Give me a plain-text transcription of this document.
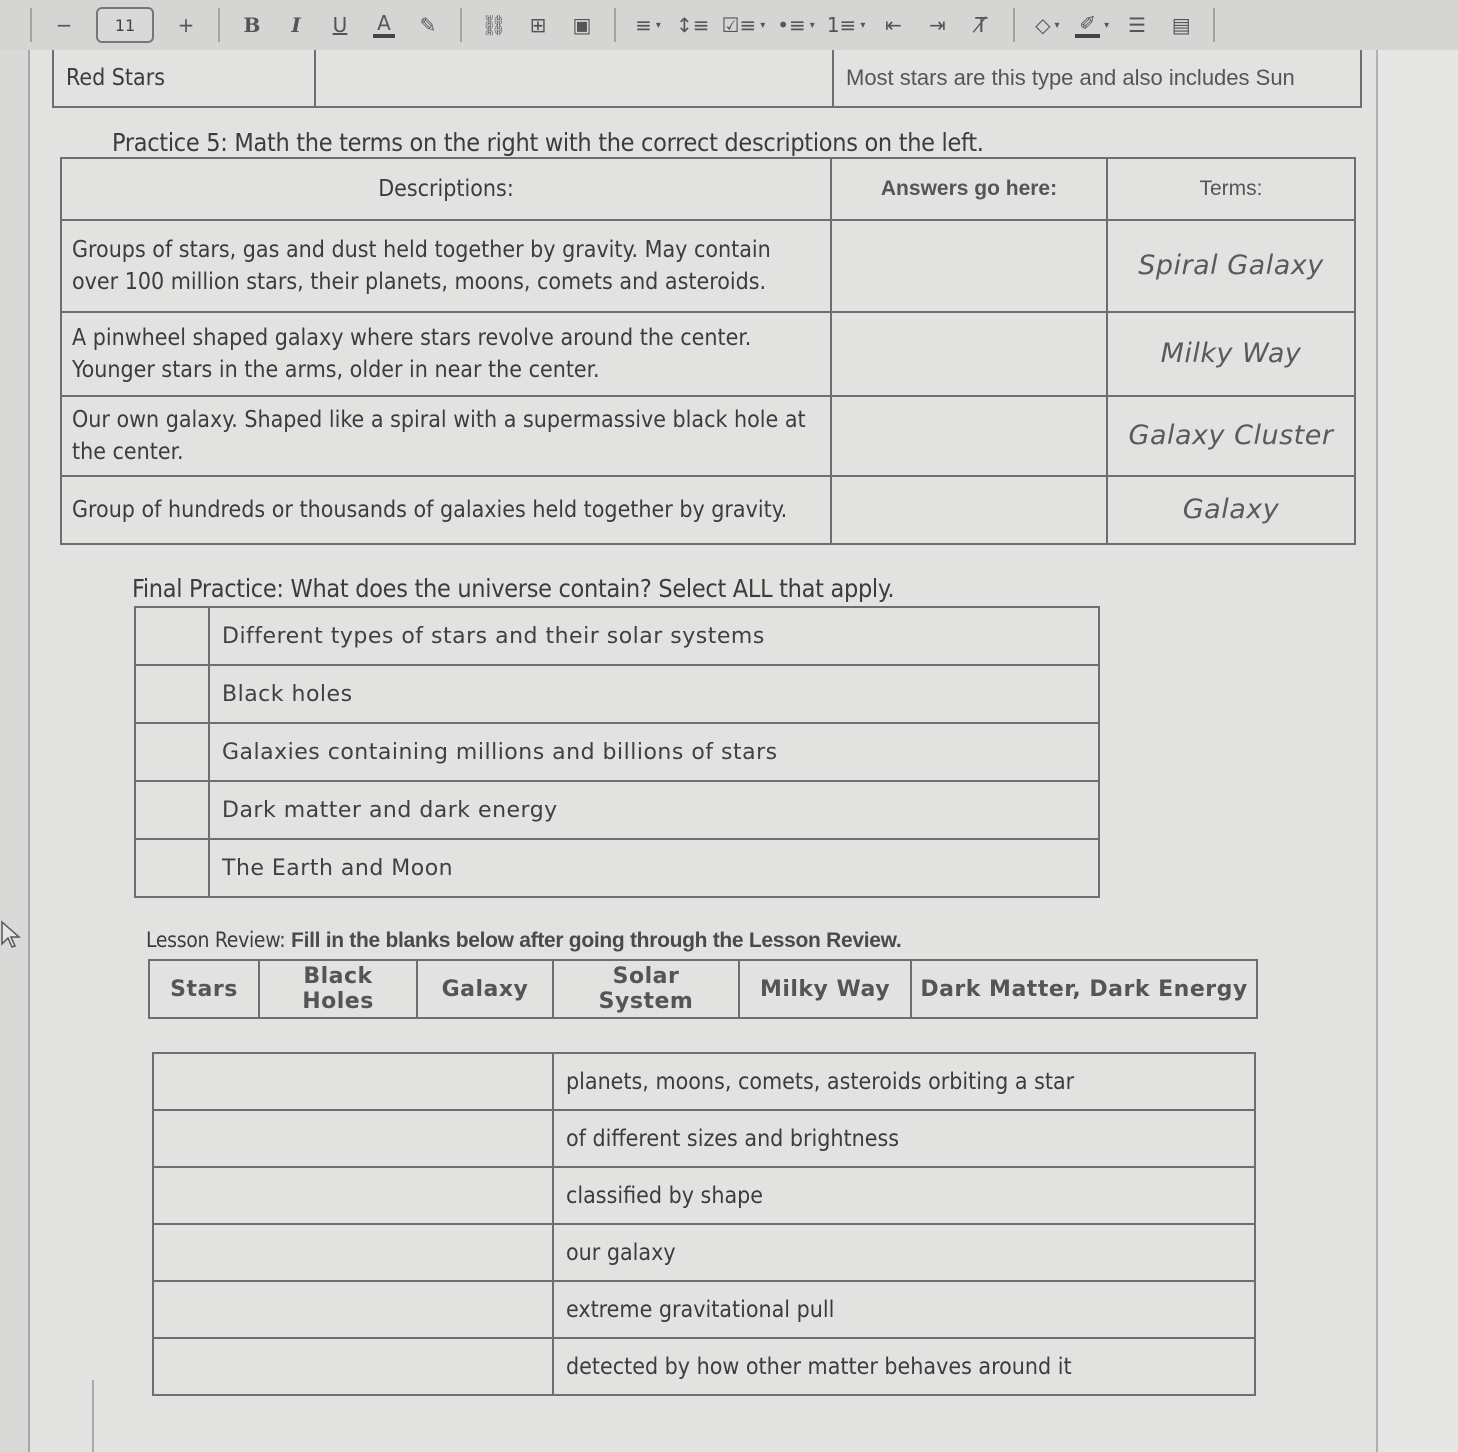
−	11	+	B	I	U	A	✎	⛓	⊞	▣	≡ ▾ ↕≡ ☑≡ ▾ •≡ ▾ 1≡ ▾ ⇤	⇥	T̸	◇ ▾ ✐ ▾ ☰	▤
Red Stars		Most stars are this type and also includes Sun
Practice 5: Math the terms on the right with the correct descriptions on the left.
Descriptions:	Answers go here:	Terms:
Groups of stars, gas and dust held together by gravity. May contain over 100 million stars, their planets, moons, comets and asteroids.		Spiral Galaxy
A pinwheel shaped galaxy where stars revolve around the center. Younger stars in the arms, older in near the center.		Milky Way
Our own galaxy. Shaped like a spiral with a supermassive black hole at the center.		Galaxy Cluster
Group of hundreds or thousands of galaxies held together by gravity.		Galaxy
Final Practice: What does the universe contain? Select ALL that apply.
	Different types of stars and their solar systems
	Black holes
	Galaxies containing millions and billions of stars
	Dark matter and dark energy
	The Earth and Moon
Lesson Review: Fill in the blanks below after going through the Lesson Review.
Stars	Black Holes	Galaxy	Solar System	Milky Way	Dark Matter, Dark Energy
	planets, moons, comets, asteroids orbiting a star
	of different sizes and brightness
	classified by shape
	our galaxy
	extreme gravitational pull
	detected by how other matter behaves around it
